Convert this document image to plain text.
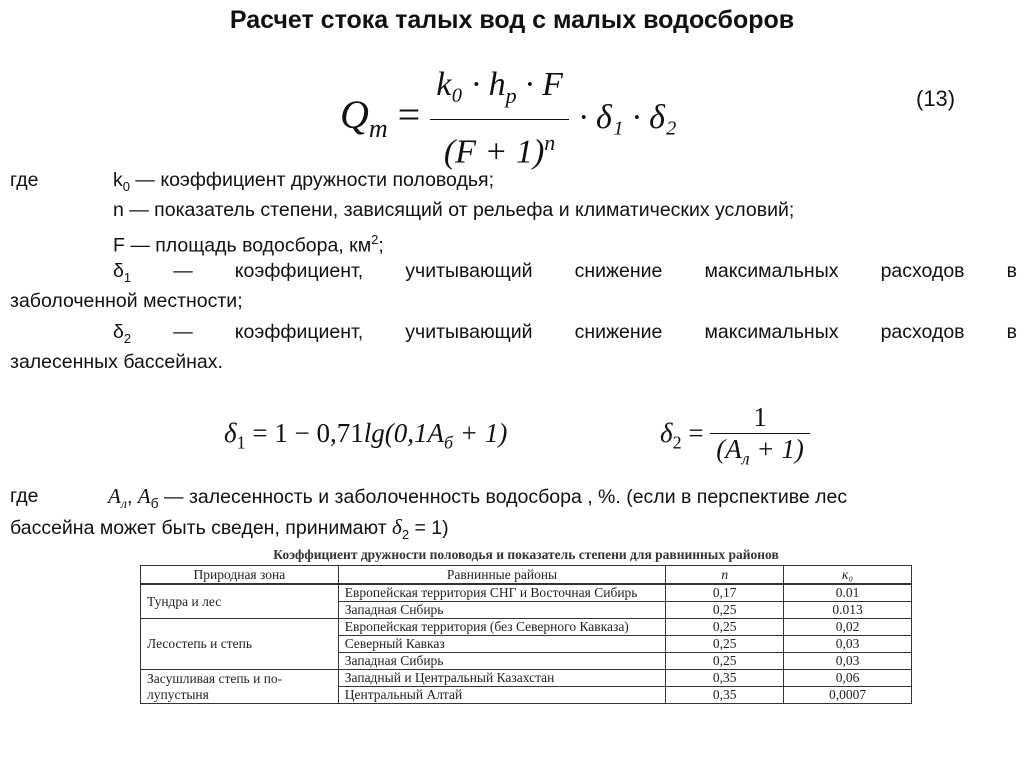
Расчет стока талых вод с малых водосборов
$Q_m = \frac{k_0 \cdot h_p \cdot F}{(F + 1)^n} \cdot \delta_1 \cdot \delta_2$
(13)
где	$k_0$ — коэффициент дружности половодья;
n — показатель степени, зависящий от рельефа и климатических условий;
F — площадь водосбора, $км^2$;
$\delta_1$ — коэффициент, учитывающий снижение максимальных расходов в
заболоченной местности;
$\delta_2$ — коэффициент, учитывающий снижение максимальных расходов в
залесенных бассейнах.
$\delta_1 = 1 - 0,71\lg(0,1A_б + 1)$	$\delta_2 = \frac{1}{(A_л + 1)}$
где	$A_л$, $A_б$ — залесенность и заболоченность водосбора , %. (если в перспективе лес
бассейна может быть сведен, принимают $\delta_2 = 1$)
Коэффициент дружности половодья и показатель степени для равнинных районов
Природная зона	Равнинные районы	n	к₀
Тундра и лес	Европейская территория СНГ и Восточная Сибирь	0,17	0.01
	Западная Снбирь	0,25	0.013
Лесостепь и степь	Европейская территория (без Северного Кавказа)	0,25	0,02
	Северный Кавказ	0,25	0,03
	Западная Сибирь	0,25	0,03
Засушливая степь и по-лупустыня	Западный и Центральный Казахстан	0,35	0,06
	Центральный Алтай	0,35	0,0007
